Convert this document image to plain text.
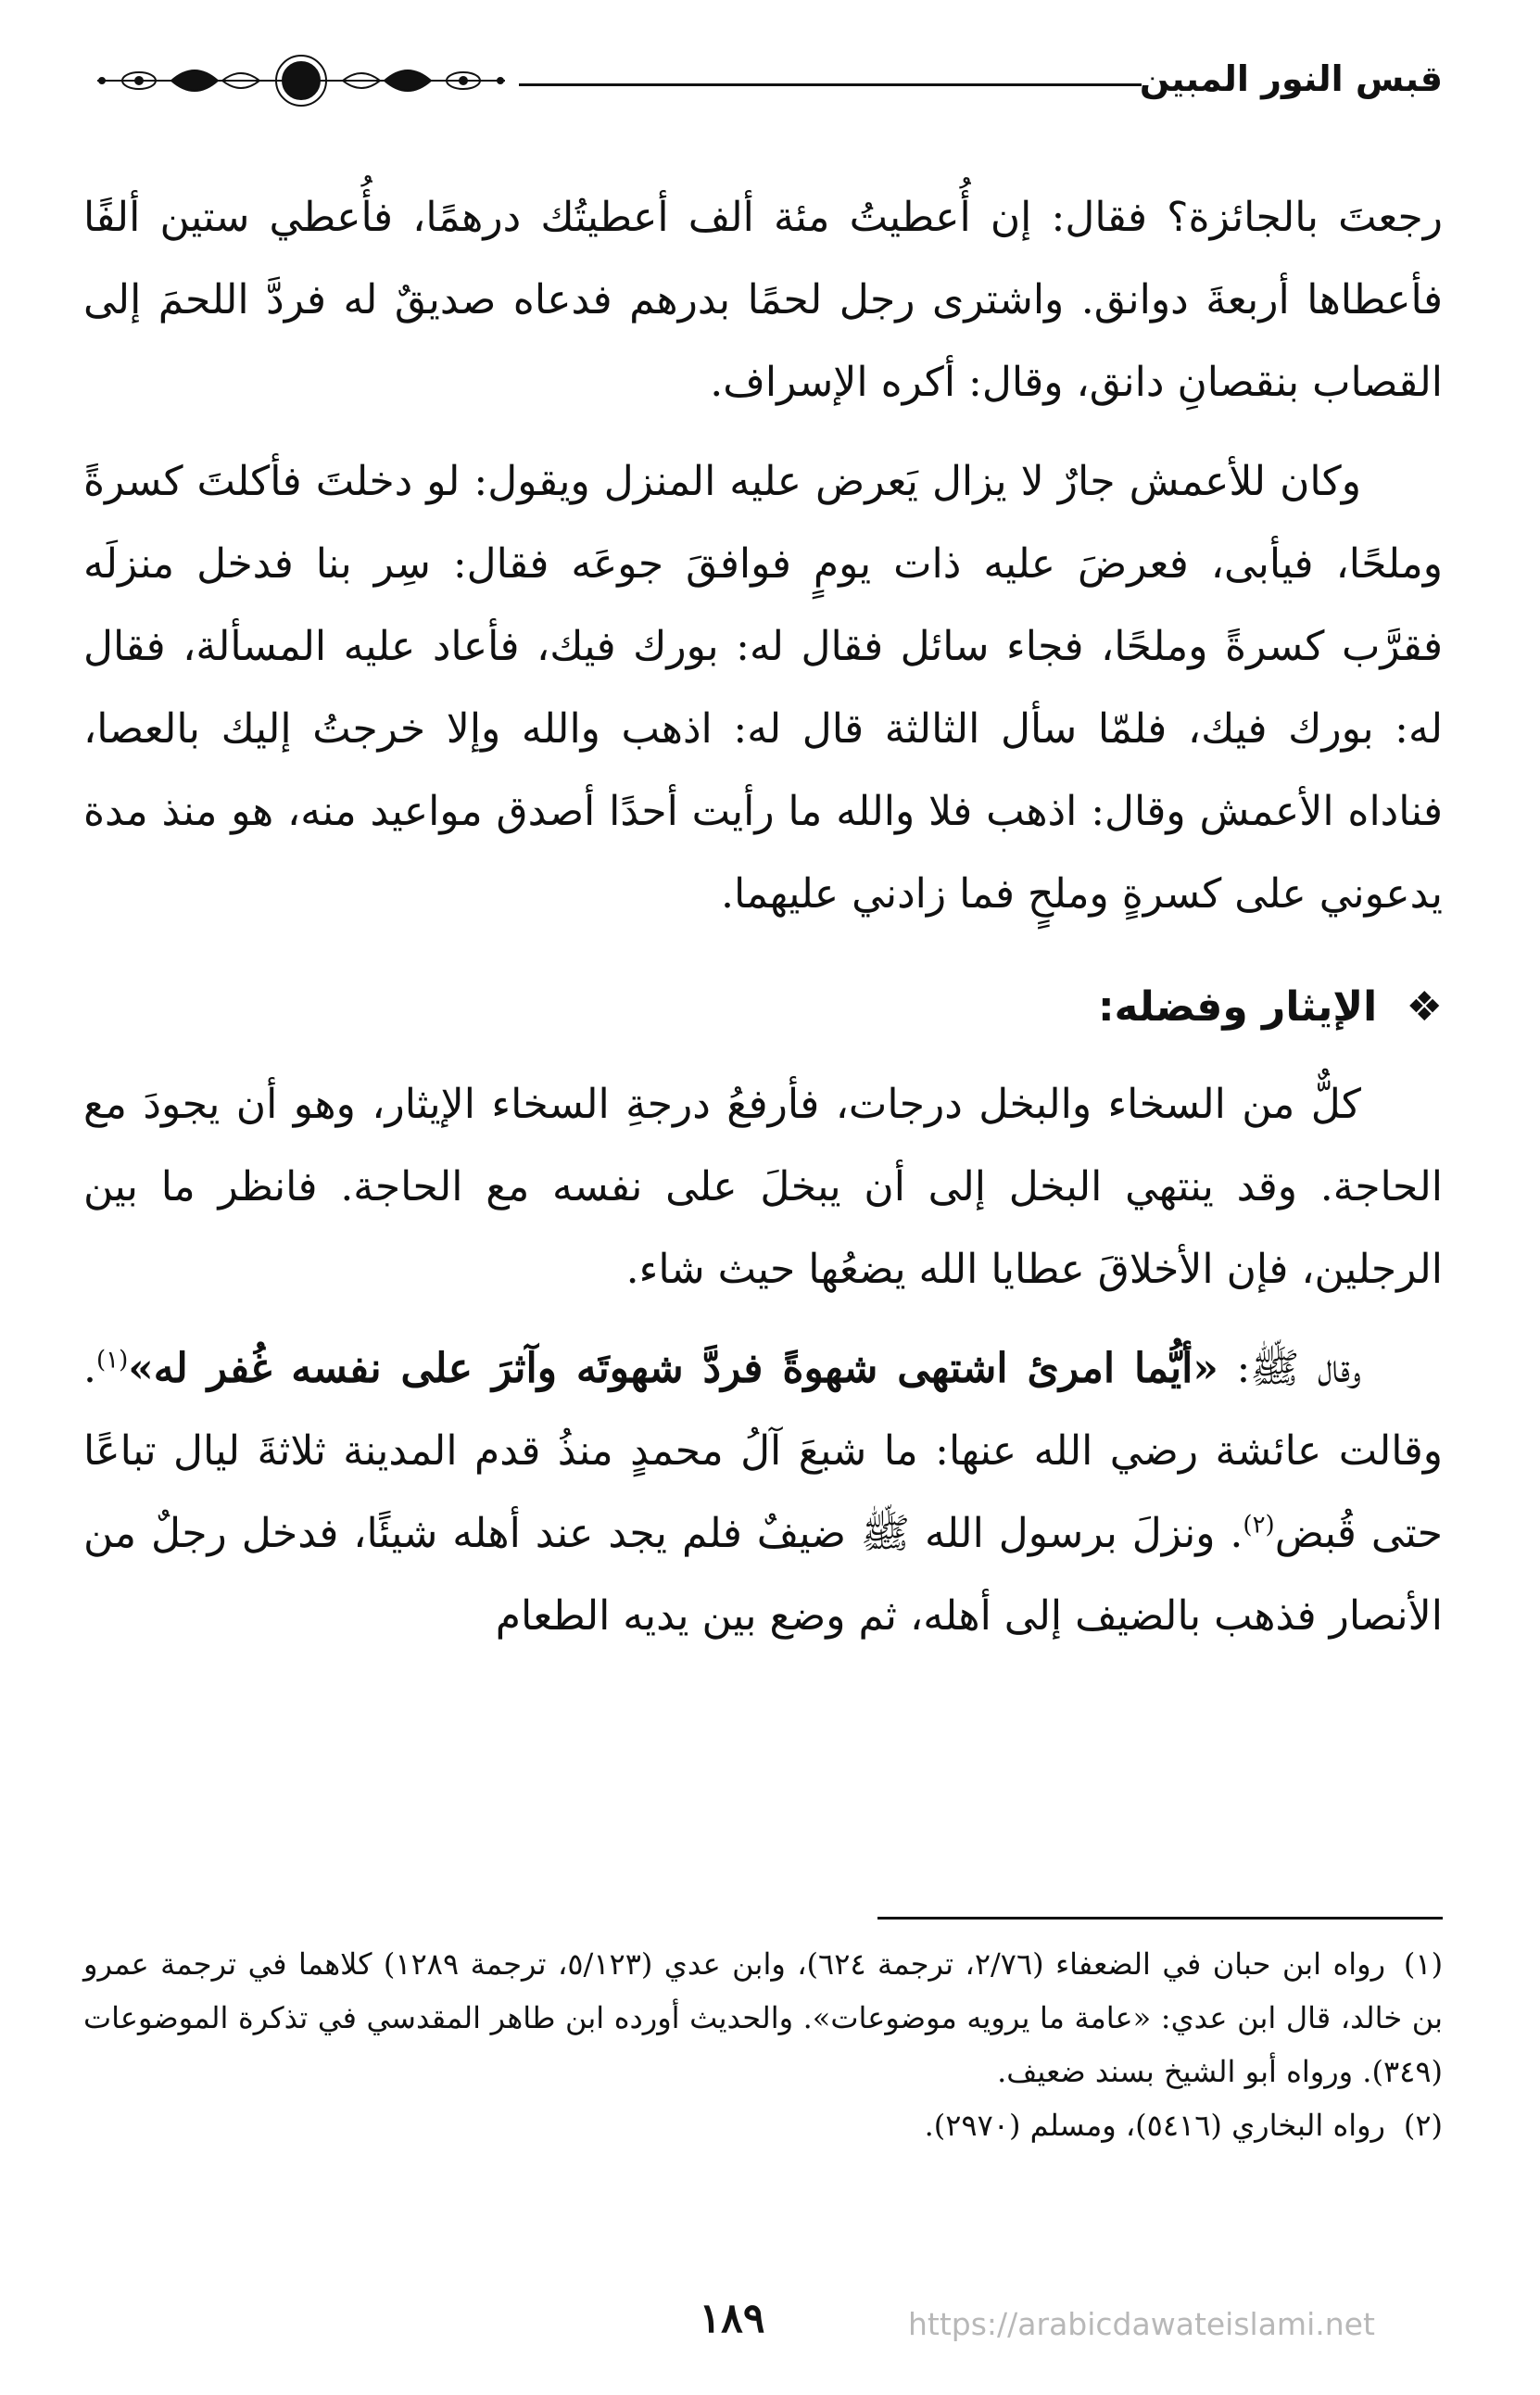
قبس النور المبين

رجعتَ بالجائزة؟ فقال: إن أُعطيتُ مئة ألف أعطيتُك درهمًا، فأُعطي ستين ألفًا فأعطاها أربعةَ دوانق. واشترى رجل لحمًا بدرهم فدعاه صديقٌ له فردَّ اللحمَ إلى القصاب بنقصانِ دانق، وقال: أكره الإسراف.

وكان للأعمش جارٌ لا يزال يَعرض عليه المنزل ويقول: لو دخلتَ فأكلتَ كسرةً وملحًا، فيأبى، فعرضَ عليه ذات يومٍ فوافقَ جوعَه فقال: سِر بنا فدخل منزلَه فقرَّب كسرةً وملحًا، فجاء سائل فقال له: بورك فيك، فأعاد عليه المسألة، فقال له: بورك فيك، فلمّا سأل الثالثة قال له: اذهب والله وإلا خرجتُ إليك بالعصا، فناداه الأعمش وقال: اذهب فلا والله ما رأيت أحدًا أصدق مواعيد منه، هو منذ مدة يدعوني على كسرةٍ وملحٍ فما زادني عليهما.

❖ الإيثار وفضله:

كلٌّ من السخاء والبخل درجات، فأرفعُ درجةِ السخاء الإيثار، وهو أن يجودَ مع الحاجة. وقد ينتهي البخل إلى أن يبخلَ على نفسه مع الحاجة. فانظر ما بين الرجلين، فإن الأخلاقَ عطايا الله يضعُها حيث شاء.

وقال ﷺ: «أيُّما امرئ اشتهى شهوةً فردَّ شهوتَه وآثرَ على نفسه غُفر له»$^{(١)}$. وقالت عائشة رضي الله عنها: ما شبعَ آلُ محمدٍ منذُ قدم المدينة ثلاثةَ ليال تباعًا حتى قُبض$^{(٢)}$. ونزلَ برسول الله ﷺ ضيفٌ فلم يجد عند أهله شيئًا، فدخل رجلٌ من الأنصار فذهب بالضيف إلى أهله، ثم وضع بين يديه الطعام

(١)رواه ابن حبان في الضعفاء (٢/٧٦، ترجمة ٦٢٤)، وابن عدي (٥/١٢٣، ترجمة ١٢٨٩) كلاهما في ترجمة عمرو بن خالد، قال ابن عدي: «عامة ما يرويه موضوعات». والحديث أورده ابن طاهر المقدسي في تذكرة الموضوعات (٣٤٩). ورواه أبو الشيخ بسند ضعيف.

(٢)رواه البخاري (٥٤١٦)، ومسلم (٢٩٧٠).

١٨٩	https://arabicdawateislami.net
